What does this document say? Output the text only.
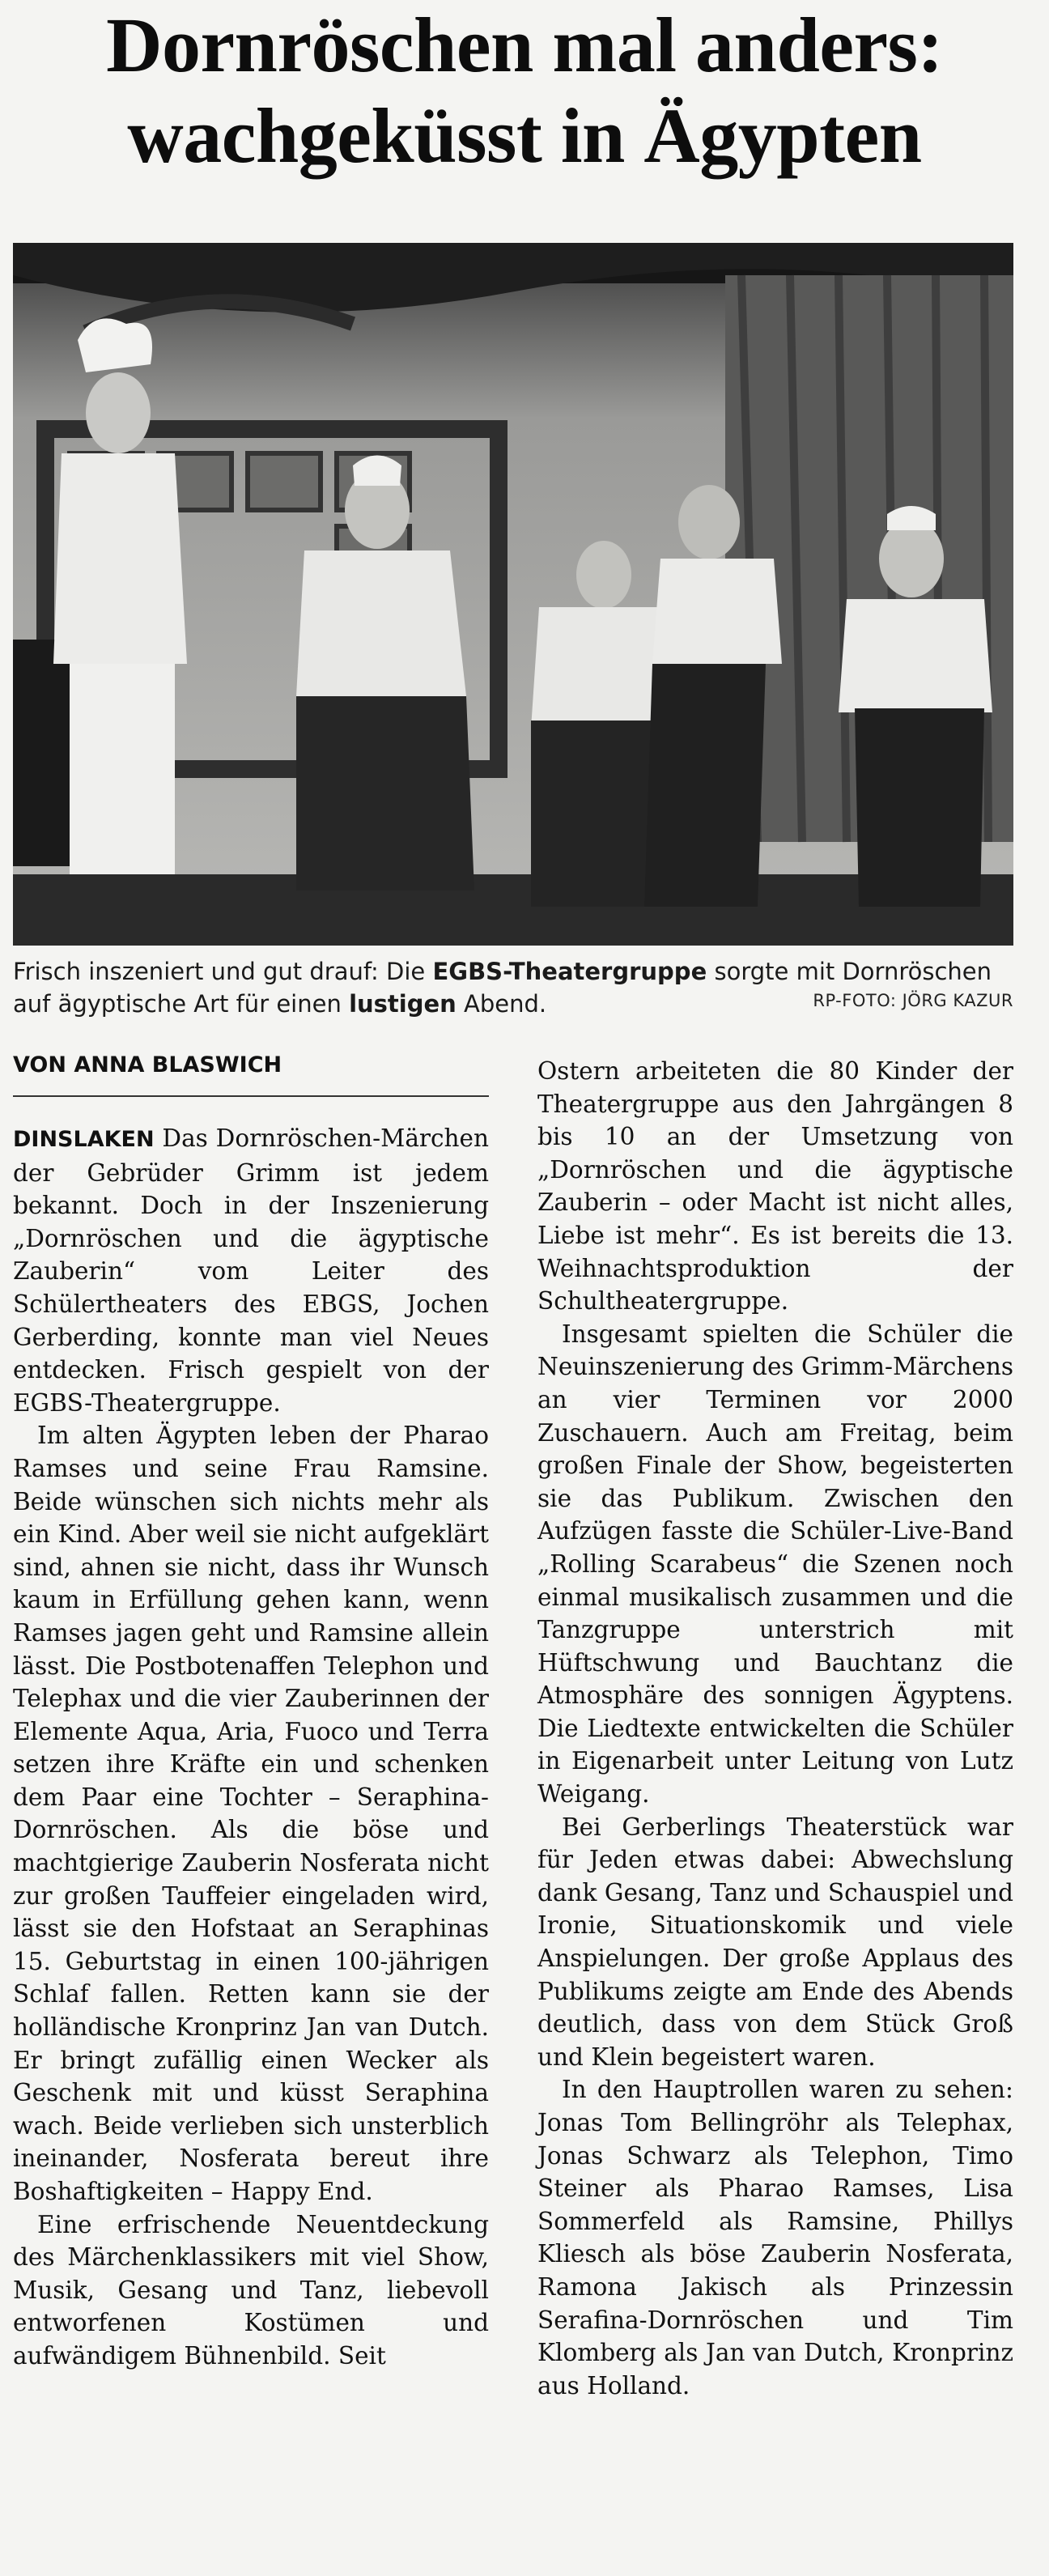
Dornröschen mal anders:
wachgeküsst in Ägypten
Frisch inszeniert und gut drauf: Die EGBS-Theatergruppe sorgte mit Dornröschen auf ägyptische Art für einen lustigen Abend.	RP-FOTO: JÖRG KAZUR
VON ANNA BLASWICH

DINSLAKEN Das Dornröschen-Märchen der Gebrüder Grimm ist jedem bekannt. Doch in der Inszenierung „Dornröschen und die ägyptische Zauberin“ vom Leiter des Schülertheaters des EBGS, Jochen Gerberding, konnte man viel Neues entdecken. Frisch gespielt von der EGBS-Theatergruppe.

Im alten Ägypten leben der Pharao Ramses und seine Frau Ramsine. Beide wünschen sich nichts mehr als ein Kind. Aber weil sie nicht aufgeklärt sind, ahnen sie nicht, dass ihr Wunsch kaum in Erfüllung gehen kann, wenn Ramses jagen geht und Ramsine allein lässt. Die Postbotenaffen Telephon und Telephax und die vier Zauberinnen der Elemente Aqua, Aria, Fuoco und Terra setzen ihre Kräfte ein und schenken dem Paar eine Tochter – Seraphina-Dornröschen. Als die böse und machtgierige Zauberin Nosferata nicht zur großen Tauffeier eingeladen wird, lässt sie den Hofstaat an Seraphinas 15. Geburtstag in einen 100-jährigen Schlaf fallen. Retten kann sie der holländische Kronprinz Jan van Dutch. Er bringt zufällig einen Wecker als Geschenk mit und küsst Seraphina wach. Beide verlieben sich unsterblich ineinander, Nosferata bereut ihre Boshaftigkeiten – Happy End.

Eine erfrischende Neuentdeckung des Märchenklassikers mit viel Show, Musik, Gesang und Tanz, liebevoll entworfenen Kostümen und aufwändigem Bühnenbild. Seit

Ostern arbeiteten die 80 Kinder der Theatergruppe aus den Jahrgängen 8 bis 10 an der Umsetzung von „Dornröschen und die ägyptische Zauberin – oder Macht ist nicht alles, Liebe ist mehr“. Es ist bereits die 13. Weihnachtsproduktion der Schultheatergruppe.

Insgesamt spielten die Schüler die Neuinszenierung des Grimm-Märchens an vier Terminen vor 2000 Zuschauern. Auch am Freitag, beim großen Finale der Show, begeisterten sie das Publikum. Zwischen den Aufzügen fasste die Schüler-Live-Band „Rolling Scarabeus“ die Szenen noch einmal musikalisch zusammen und die Tanzgruppe unterstrich mit Hüftschwung und Bauchtanz die Atmosphäre des sonnigen Ägyptens. Die Liedtexte entwickelten die Schüler in Eigenarbeit unter Leitung von Lutz Weigang.

Bei Gerberlings Theaterstück war für Jeden etwas dabei: Abwechslung dank Gesang, Tanz und Schauspiel und Ironie, Situationskomik und viele Anspielungen. Der große Applaus des Publikums zeigte am Ende des Abends deutlich, dass von dem Stück Groß und Klein begeistert waren.

In den Hauptrollen waren zu sehen: Jonas Tom Bellingröhr als Telephax, Jonas Schwarz als Telephon, Timo Steiner als Pharao Ramses, Lisa Sommerfeld als Ramsine, Phillys Kliesch als böse Zauberin Nosferata, Ramona Jakisch als Prinzessin Serafina-Dornröschen und Tim Klomberg als Jan van Dutch, Kronprinz aus Holland.
